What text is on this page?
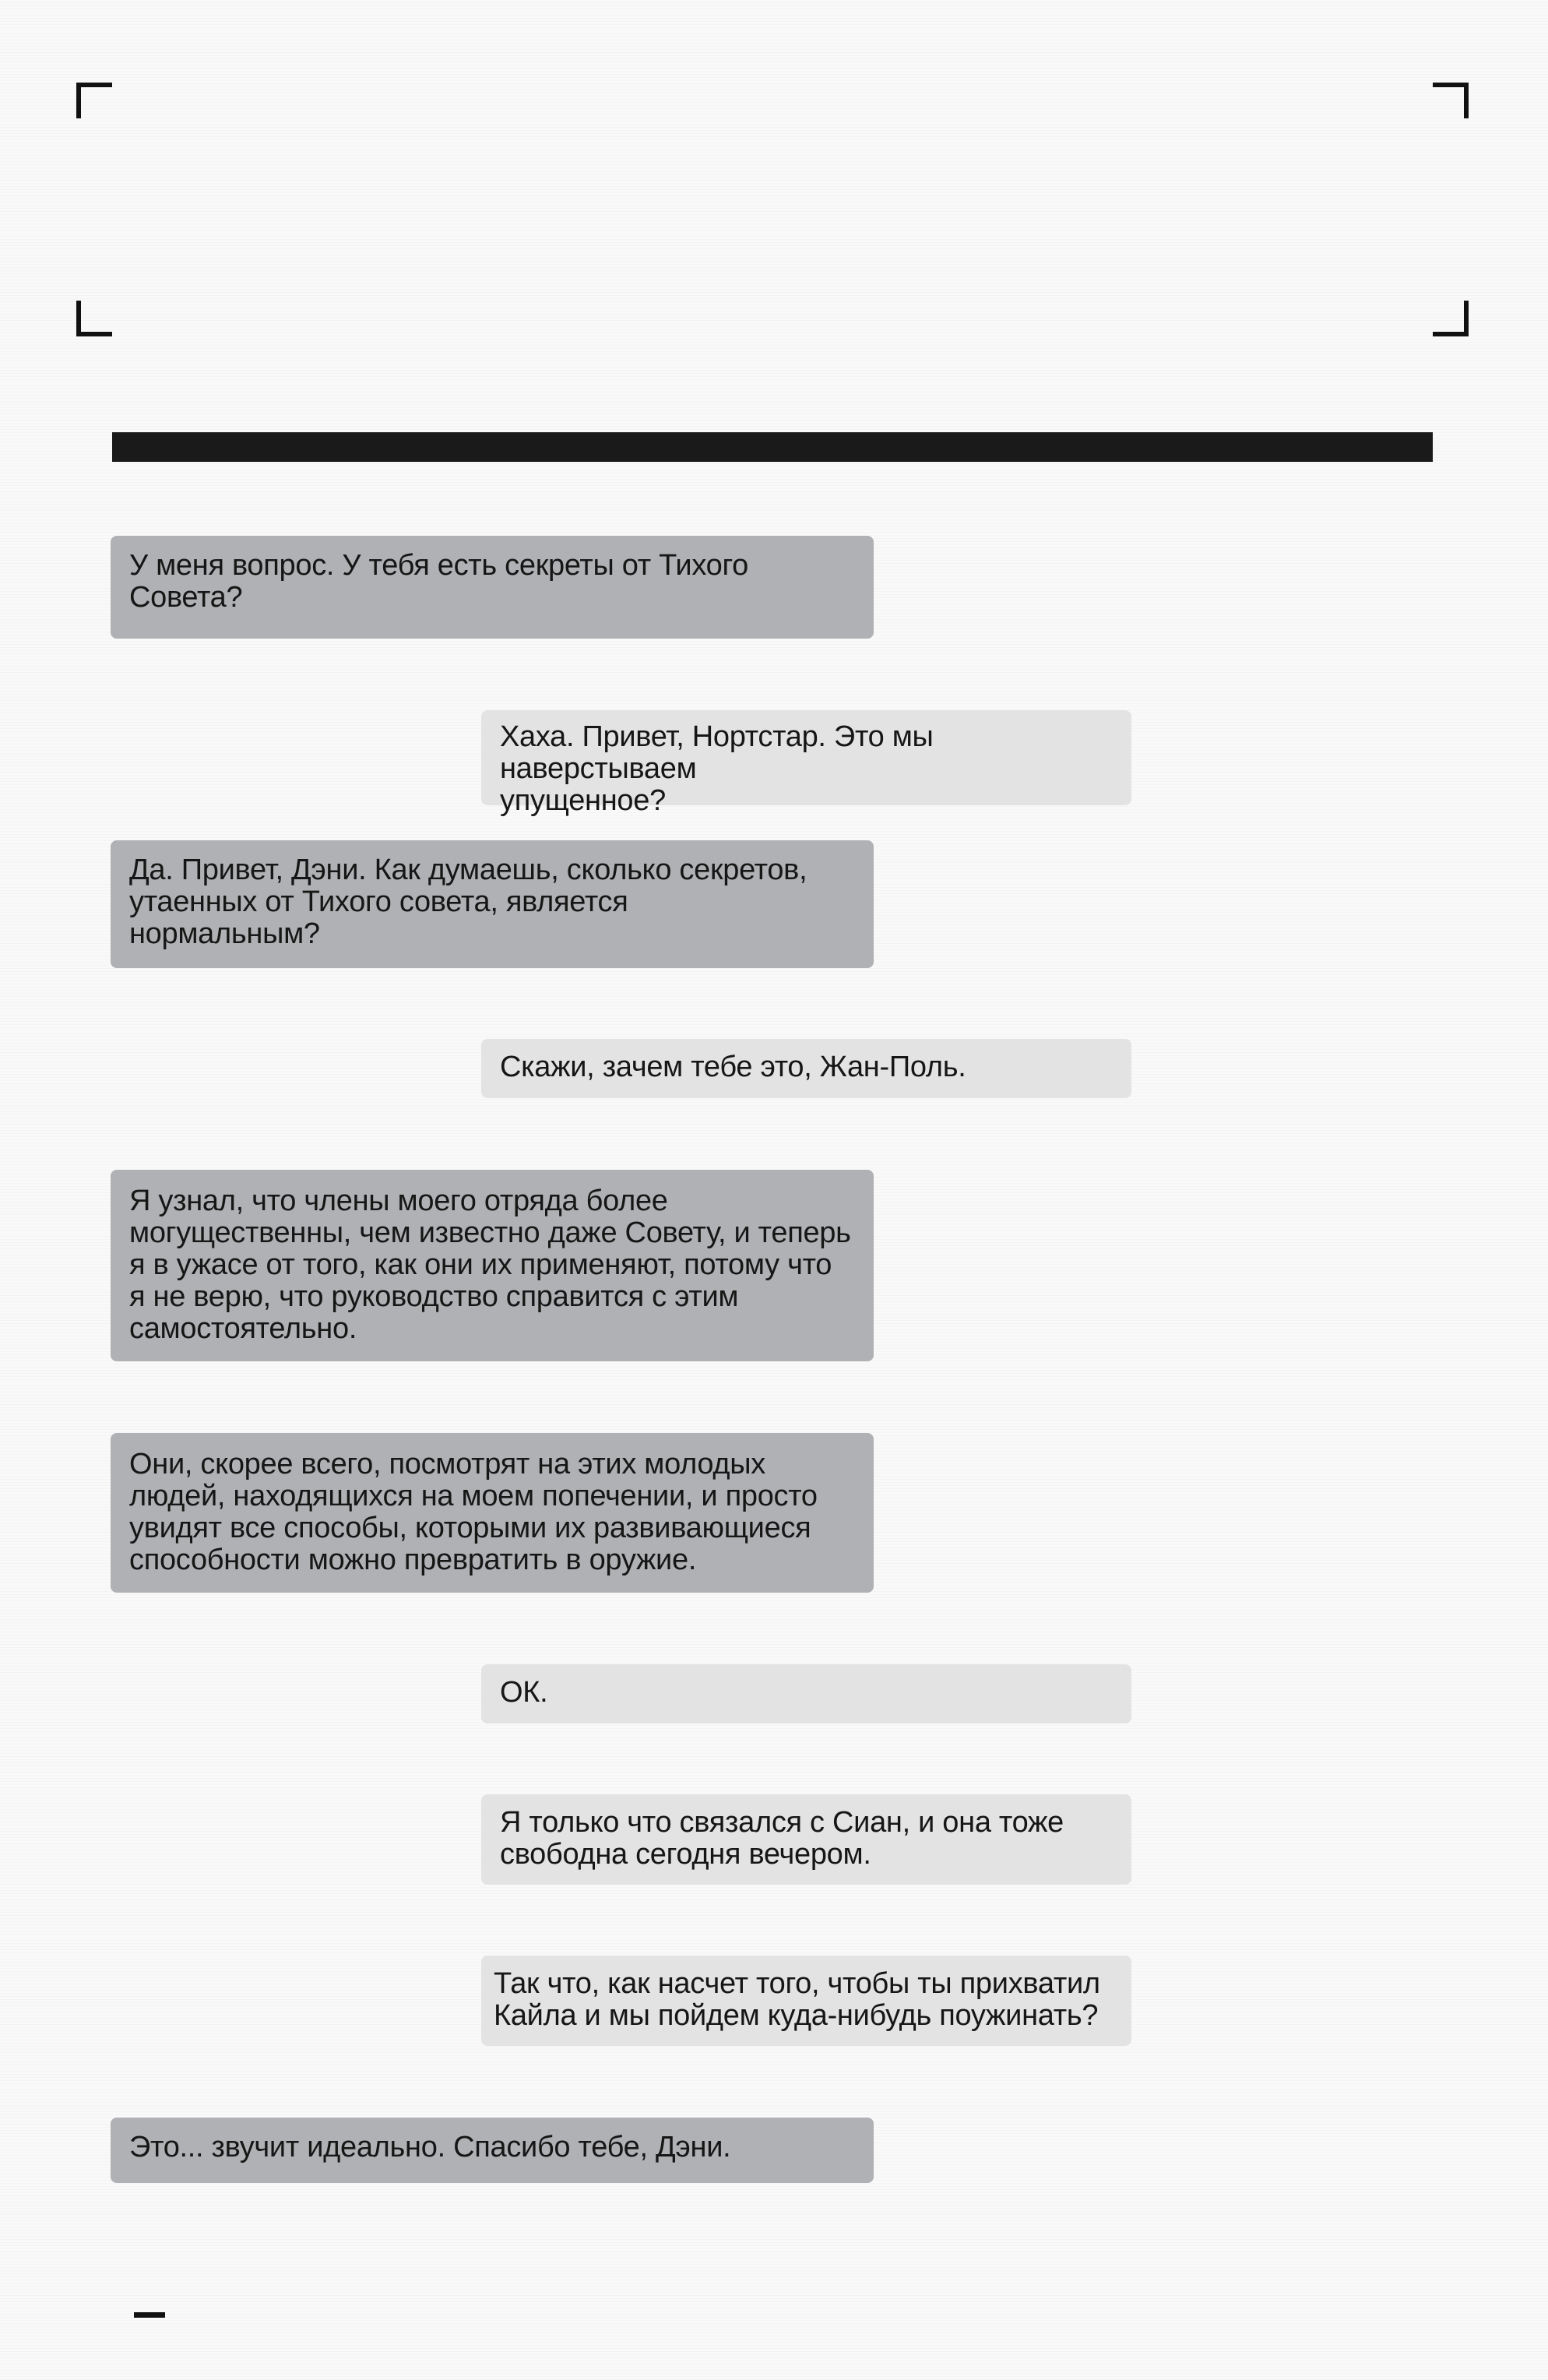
У меня вопрос. У тебя есть секреты от Тихого
Совета?
Хаха. Привет, Нортстар. Это мы наверстываем
упущенное?
Да. Привет, Дэни. Как думаешь, сколько секретов,
утаенных от Тихого совета, является
нормальным?
Скажи, зачем тебе это, Жан-Поль.
Я узнал, что члены моего отряда более
могущественны, чем известно даже Совету, и теперь
я в ужасе от того, как они их применяют, потому что
я не верю, что руководство справится с этим
самостоятельно.
Они, скорее всего, посмотрят на этих молодых
людей, находящихся на моем попечении, и просто
увидят все способы, которыми их развивающиеся
способности можно превратить в оружие.
ОК.
Я только что связался с Сиан, и она тоже
свободна сегодня вечером.
Так что, как насчет того, чтобы ты прихватил
Кайла и мы пойдем куда-нибудь поужинать?
Это... звучит идеально. Спасибо тебе, Дэни.
